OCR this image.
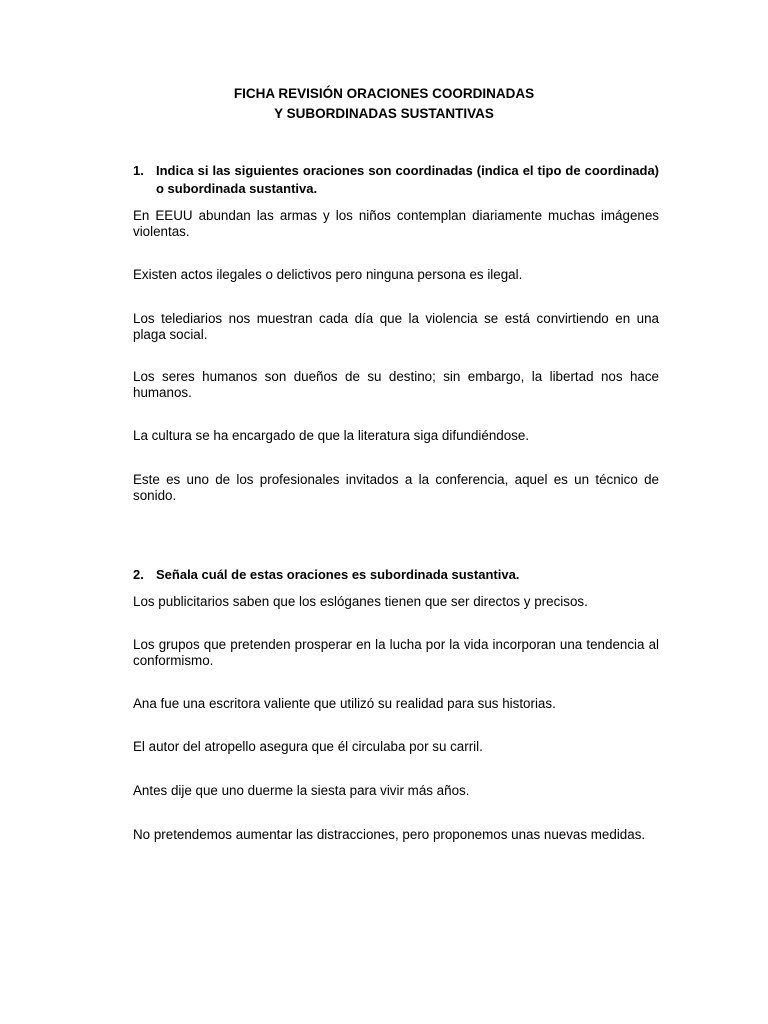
FICHA REVISIÓN ORACIONES COORDINADAS
Y SUBORDINADAS SUSTANTIVAS
1. Indica si las siguientes oraciones son coordinadas (indica el tipo de coordinada) o subordinada sustantiva.
En EEUU abundan las armas y los niños contemplan diariamente muchas imágenes violentas.
Existen actos ilegales o delictivos pero ninguna persona es ilegal.
Los telediarios nos muestran cada día que la violencia se está convirtiendo en una plaga social.
Los seres humanos son dueños de su destino; sin embargo, la libertad nos hace humanos.
La cultura se ha encargado de que la literatura siga difundiéndose.
Este es uno de los profesionales invitados a la conferencia, aquel es un técnico de sonido.
2. Señala cuál de estas oraciones es subordinada sustantiva.
Los publicitarios saben que los eslóganes tienen que ser directos y precisos.
Los grupos que pretenden prosperar en la lucha por la vida incorporan una tendencia al conformismo.
Ana fue una escritora valiente que utilizó su realidad para sus historias.
El autor del atropello asegura que él circulaba por su carril.
Antes dije que uno duerme la siesta para vivir más años.
No pretendemos aumentar las distracciones, pero proponemos unas nuevas medidas.
